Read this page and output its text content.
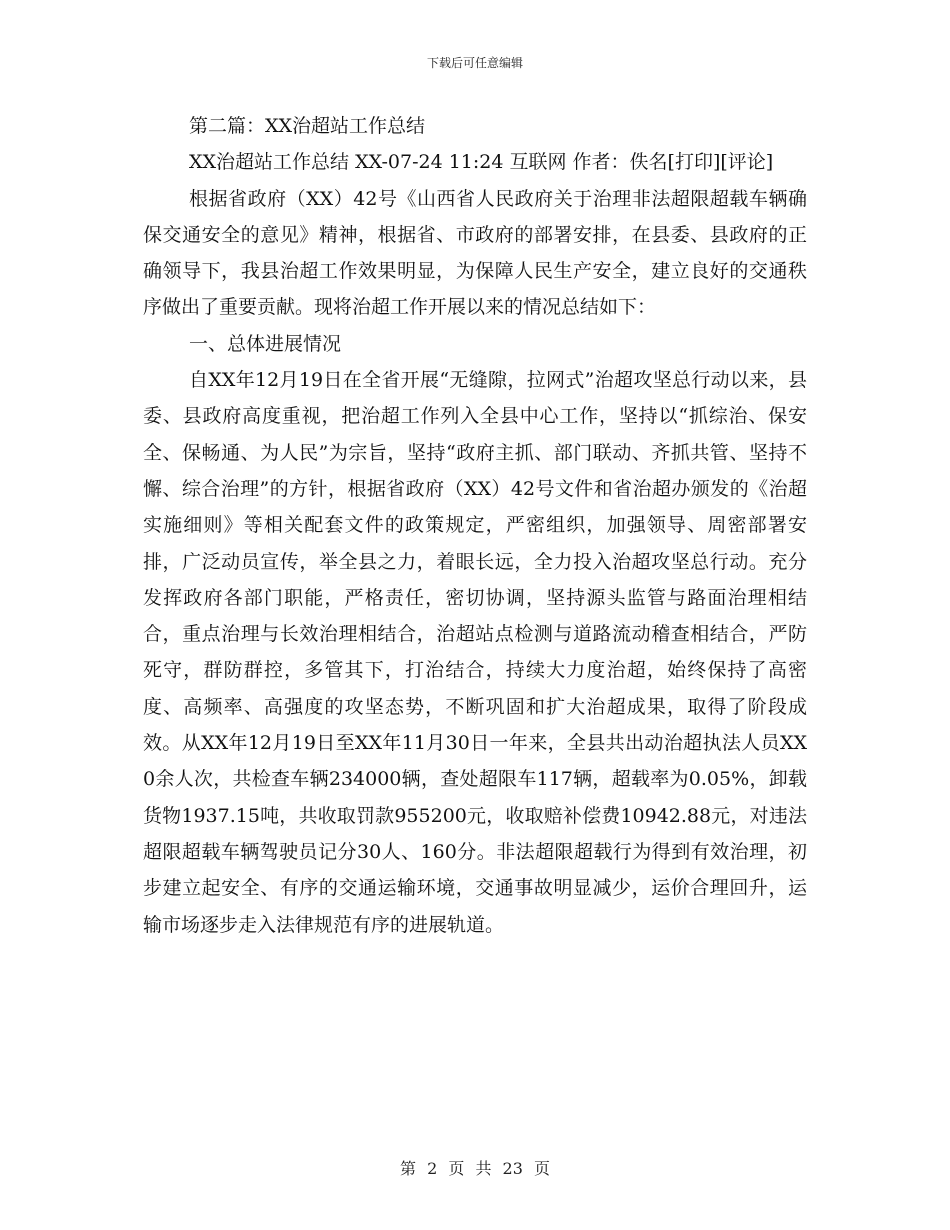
下载后可任意编辑

第二篇：XX治超站工作总结

XX治超站工作总结 XX-07-24 11:24 互联网 作者：佚名[打印][评论]

根据省政府（XX）42号《山西省人民政府关于治理非法超限超载车辆确保交通安全的意见》精神，根据省、市政府的部署安排，在县委、县政府的正确领导下，我县治超工作效果明显，为保障人民生产安全，建立良好的交通秩序做出了重要贡献。现将治超工作开展以来的情况总结如下：

一、总体进展情况

自XX年12月19日在全省开展“无缝隙，拉网式”治超攻坚总行动以来，县委、县政府高度重视，把治超工作列入全县中心工作，坚持以“抓综治、保安全、保畅通、为人民”为宗旨，坚持“政府主抓、部门联动、齐抓共管、坚持不懈、综合治理”的方针，根据省政府（XX）42号文件和省治超办颁发的《治超实施细则》等相关配套文件的政策规定，严密组织，加强领导、周密部署安排，广泛动员宣传，举全县之力，着眼长远，全力投入治超攻坚总行动。充分发挥政府各部门职能，严格责任，密切协调，坚持源头监管与路面治理相结合，重点治理与长效治理相结合，治超站点检测与道路流动稽查相结合，严防死守，群防群控，多管其下，打治结合，持续大力度治超，始终保持了高密度、高频率、高强度的攻坚态势，不断巩固和扩大治超成果，取得了阶段成效。从XX年12月19日至XX年11月30日一年来，全县共出动治超执法人员XX0余人次，共检查车辆234000辆，查处超限车117辆，超载率为0.05%，卸载货物1937.15吨，共收取罚款955200元，收取赔补偿费10942.88元，对违法超限超载车辆驾驶员记分30人、160分。非法超限超载行为得到有效治理，初步建立起安全、有序的交通运输环境，交通事故明显减少，运价合理回升，运输市场逐步走入法律规范有序的进展轨道。

第 2 页 共 23 页
